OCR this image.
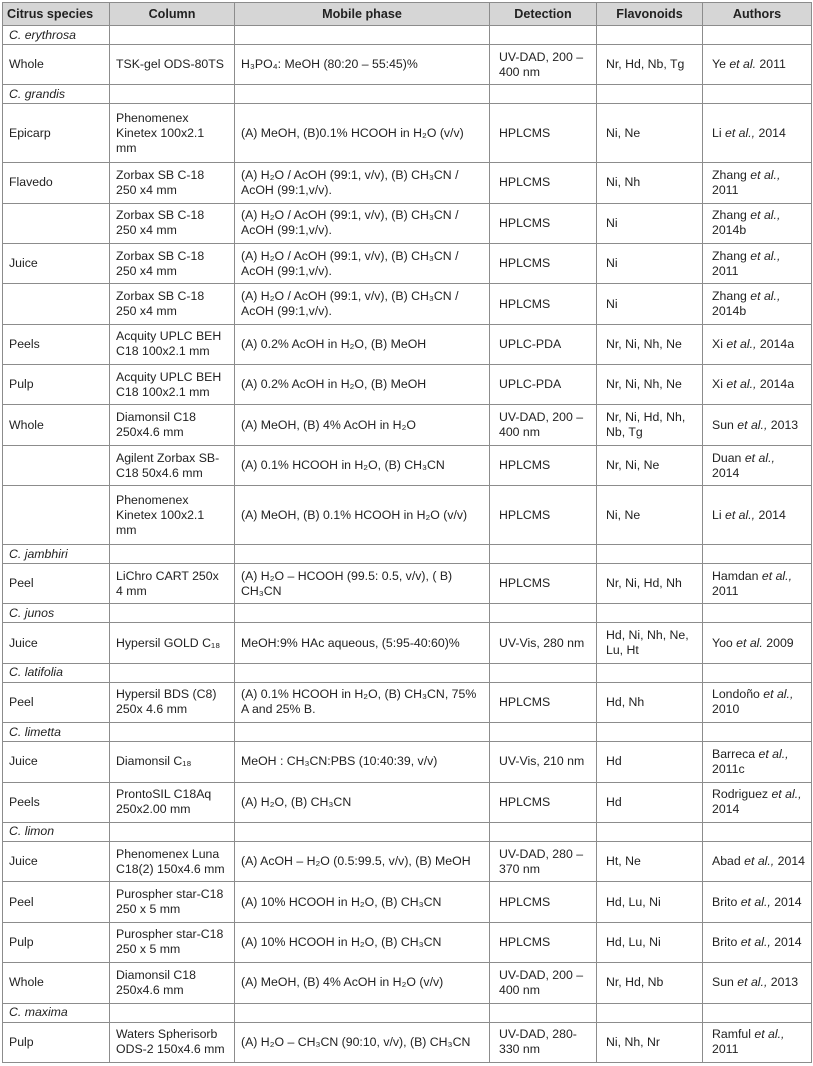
Citrus species	Column	Mobile phase	Detection	Flavonoids	Authors
C. erythrosa					
Whole	TSK-gel ODS-80TS	H₃PO₄: MeOH (80:20 – 55:45)%	UV-DAD, 200 – 400 nm	Nr, Hd, Nb, Tg	Ye et al. 2011
C. grandis					
Epicarp	Phenomenex Kinetex 100x2.1 mm	(A) MeOH, (B)0.1% HCOOH in H₂O (v/v)	HPLCMS	Ni, Ne	Li et al., 2014
Flavedo	Zorbax SB C-18 250 x4 mm	(A) H₂O / AcOH (99:1, v/v), (B) CH₃CN / AcOH (99:1,v/v).	HPLCMS	Ni, Nh	Zhang et al., 2011
	Zorbax SB C-18 250 x4 mm	(A) H₂O / AcOH (99:1, v/v), (B) CH₃CN / AcOH (99:1,v/v).	HPLCMS	Ni	Zhang et al., 2014b
Juice	Zorbax SB C-18 250 x4 mm	(A) H₂O / AcOH (99:1, v/v), (B) CH₃CN / AcOH (99:1,v/v).	HPLCMS	Ni	Zhang et al., 2011
	Zorbax SB C-18 250 x4 mm	(A) H₂O / AcOH (99:1, v/v), (B) CH₃CN / AcOH (99:1,v/v).	HPLCMS	Ni	Zhang et al., 2014b
Peels	Acquity UPLC BEH C18 100x2.1 mm	(A) 0.2% AcOH in H₂O, (B) MeOH	UPLC-PDA	Nr, Ni, Nh, Ne	Xi et al., 2014a
Pulp	Acquity UPLC BEH C18 100x2.1 mm	(A) 0.2% AcOH in H₂O, (B) MeOH	UPLC-PDA	Nr, Ni, Nh, Ne	Xi et al., 2014a
Whole	Diamonsil C18 250x4.6 mm	(A) MeOH, (B) 4% AcOH in H₂O	UV-DAD, 200 – 400 nm	Nr, Ni, Hd, Nh, Nb, Tg	Sun et al., 2013
	Agilent Zorbax SB-C18 50x4.6 mm	(A) 0.1% HCOOH in H₂O, (B) CH₃CN	HPLCMS	Nr, Ni, Ne	Duan et al., 2014
	Phenomenex Kinetex 100x2.1 mm	(A) MeOH, (B) 0.1% HCOOH in H₂O (v/v)	HPLCMS	Ni, Ne	Li et al., 2014
C. jambhiri					
Peel	LiChro CART 250x 4 mm	(A) H₂O – HCOOH (99.5: 0.5, v/v), ( B) CH₃CN	HPLCMS	Nr, Ni, Hd, Nh	Hamdan et al., 2011
C. junos					
Juice	Hypersil GOLD C₁₈	MeOH:9% HAc aqueous, (5:95-40:60)%	UV-Vis, 280 nm	Hd, Ni, Nh, Ne, Lu, Ht	Yoo et al. 2009
C. latifolia					
Peel	Hypersil BDS (C8) 250x 4.6 mm	(A) 0.1% HCOOH in H₂O, (B) CH₃CN, 75% A and 25% B.	HPLCMS	Hd, Nh	Londoño et al., 2010
C. limetta					
Juice	Diamonsil C₁₈	MeOH : CH₃CN:PBS (10:40:39, v/v)	UV-Vis, 210 nm	Hd	Barreca et al., 2011c
Peels	ProntoSIL C18Aq 250x2.00 mm	(A) H₂O, (B) CH₃CN	HPLCMS	Hd	Rodriguez et al., 2014
C. limon					
Juice	Phenomenex Luna C18(2) 150x4.6 mm	(A) AcOH – H₂O (0.5:99.5, v/v), (B) MeOH	UV-DAD, 280 – 370 nm	Ht, Ne	Abad et al., 2014
Peel	Purospher star-C18 250 x 5 mm	(A) 10% HCOOH in H₂O, (B) CH₃CN	HPLCMS	Hd, Lu, Ni	Brito et al., 2014
Pulp	Purospher star-C18 250 x 5 mm	(A) 10% HCOOH in H₂O, (B) CH₃CN	HPLCMS	Hd, Lu, Ni	Brito et al., 2014
Whole	Diamonsil C18 250x4.6 mm	(A) MeOH, (B) 4% AcOH in H₂O (v/v)	UV-DAD, 200 – 400 nm	Nr, Hd, Nb	Sun et al., 2013
C. maxima					
Pulp	Waters Spherisorb ODS-2 150x4.6 mm	(A) H₂O – CH₃CN (90:10, v/v), (B) CH₃CN	UV-DAD, 280-330 nm	Ni, Nh, Nr	Ramful et al., 2011
